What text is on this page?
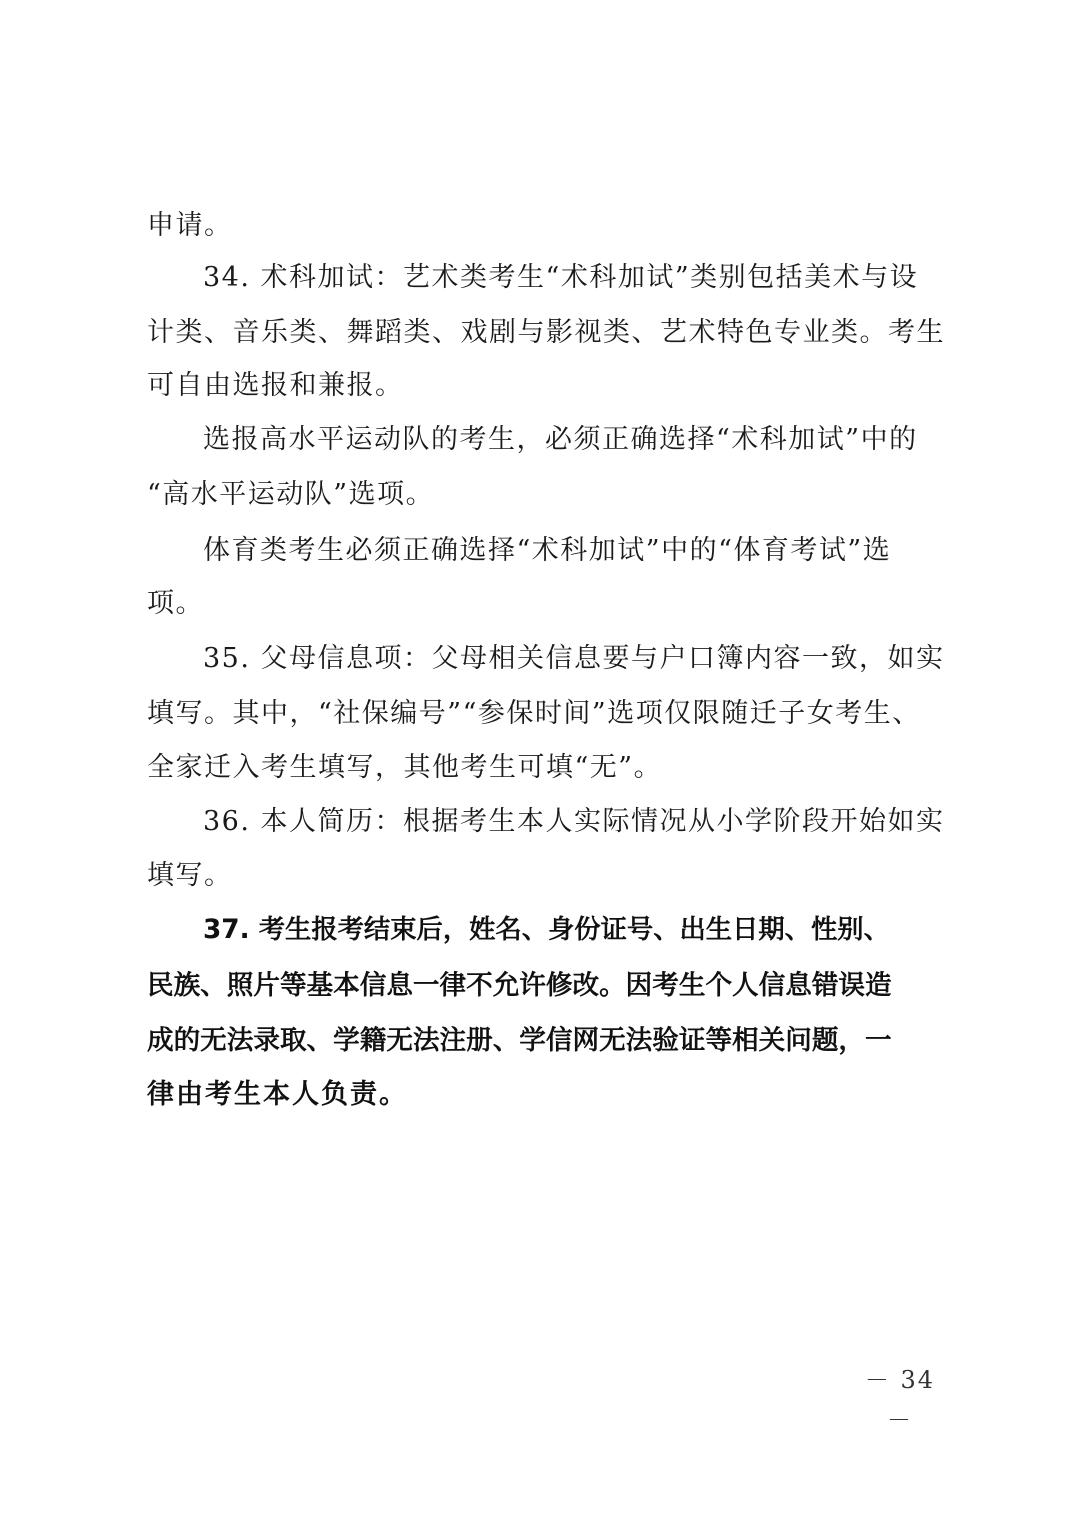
申请。
34. 术科加试：艺术类考生“术科加试”类别包括美术与设
计类、音乐类、舞蹈类、戏剧与影视类、艺术特色专业类。考生
可自由选报和兼报。
选报高水平运动队的考生，必须正确选择“术科加试”中的
“高水平运动队”选项。
体育类考生必须正确选择“术科加试”中的“体育考试”选
项。
35. 父母信息项：父母相关信息要与户口簿内容一致，如实
填写。其中，“社保编号”“参保时间”选项仅限随迁子女考生、
全家迁入考生填写，其他考生可填“无”。
36. 本人简历：根据考生本人实际情况从小学阶段开始如实
填写。
37. 考生报考结束后，姓名、身份证号、出生日期、性别、
民族、照片等基本信息一律不允许修改。因考生个人信息错误造
成的无法录取、学籍无法注册、学信网无法验证等相关问题，一
律由考生本人负责。
－ 34 －
